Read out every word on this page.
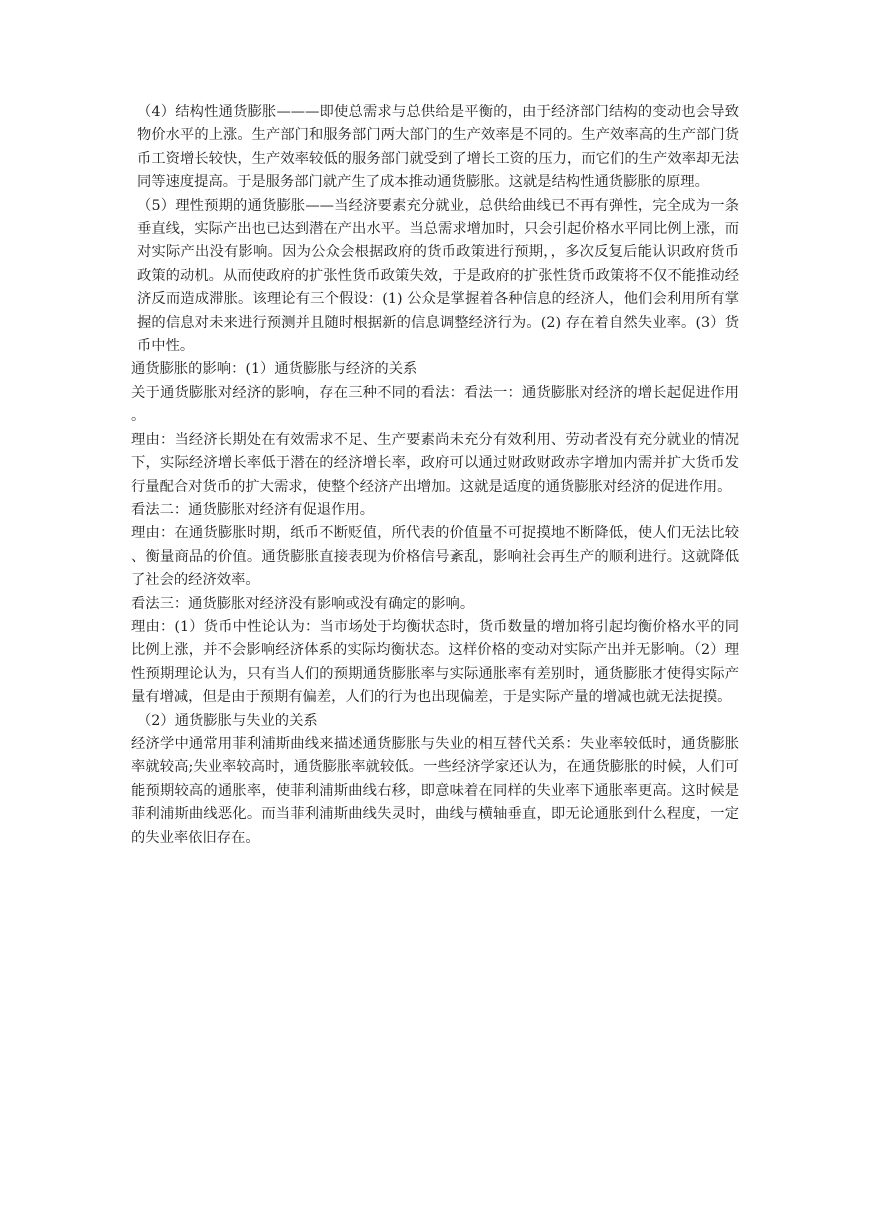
（4）结构性通货膨胀———即使总需求与总供给是平衡的，由于经济部门结构的变动也会导致物价水平的上涨。生产部门和服务部门两大部门的生产效率是不同的。生产效率高的生产部门货币工资增长较快，生产效率较低的服务部门就受到了增长工资的压力，而它们的生产效率却无法同等速度提高。于是服务部门就产生了成本推动通货膨胀。这就是结构性通货膨胀的原理。

（5）理性预期的通货膨胀——当经济要素充分就业，总供给曲线已不再有弹性，完全成为一条垂直线，实际产出也已达到潜在产出水平。当总需求增加时，只会引起价格水平同比例上涨，而对实际产出没有影响。因为公众会根据政府的货币政策进行预期，，多次反复后能认识政府货币政策的动机。从而使政府的扩张性货币政策失效，于是政府的扩张性货币政策将不仅不能推动经济反而造成滞胀。该理论有三个假设：(1) 公众是掌握着各种信息的经济人，他们会利用所有掌握的信息对未来进行预测并且随时根据新的信息调整经济行为。(2) 存在着自然失业率。(3）货币中性。

通货膨胀的影响：(1）通货膨胀与经济的关系

关于通货膨胀对经济的影响，存在三种不同的看法：看法一：通货膨胀对经济的增长起促进作用。

理由：当经济长期处在有效需求不足、生产要素尚未充分有效利用、劳动者没有充分就业的情况下，实际经济增长率低于潜在的经济增长率，政府可以通过财政财政赤字增加内需并扩大货币发行量配合对货币的扩大需求，使整个经济产出增加。这就是适度的通货膨胀对经济的促进作用。

看法二：通货膨胀对经济有促退作用。

理由：在通货膨胀时期，纸币不断贬值，所代表的价值量不可捉摸地不断降低，使人们无法比较、衡量商品的价值。通货膨胀直接表现为价格信号紊乱，影响社会再生产的顺利进行。这就降低了社会的经济效率。

看法三：通货膨胀对经济没有影响或没有确定的影响。

理由：(1）货币中性论认为：当市场处于均衡状态时，货币数量的增加将引起均衡价格水平的同比例上涨，并不会影响经济体系的实际均衡状态。这样价格的变动对实际产出并无影响。（2）理性预期理论认为，只有当人们的预期通货膨胀率与实际通胀率有差别时，通货膨胀才使得实际产量有增减，但是由于预期有偏差，人们的行为也出现偏差，于是实际产量的增减也就无法捉摸。

（2）通货膨胀与失业的关系

经济学中通常用菲利浦斯曲线来描述通货膨胀与失业的相互替代关系：失业率较低时，通货膨胀率就较高;失业率较高时，通货膨胀率就较低。一些经济学家还认为，在通货膨胀的时候，人们可能预期较高的通胀率，使菲利浦斯曲线右移，即意味着在同样的失业率下通胀率更高。这时候是菲利浦斯曲线恶化。而当菲利浦斯曲线失灵时，曲线与横轴垂直，即无论通胀到什么程度，一定的失业率依旧存在。
